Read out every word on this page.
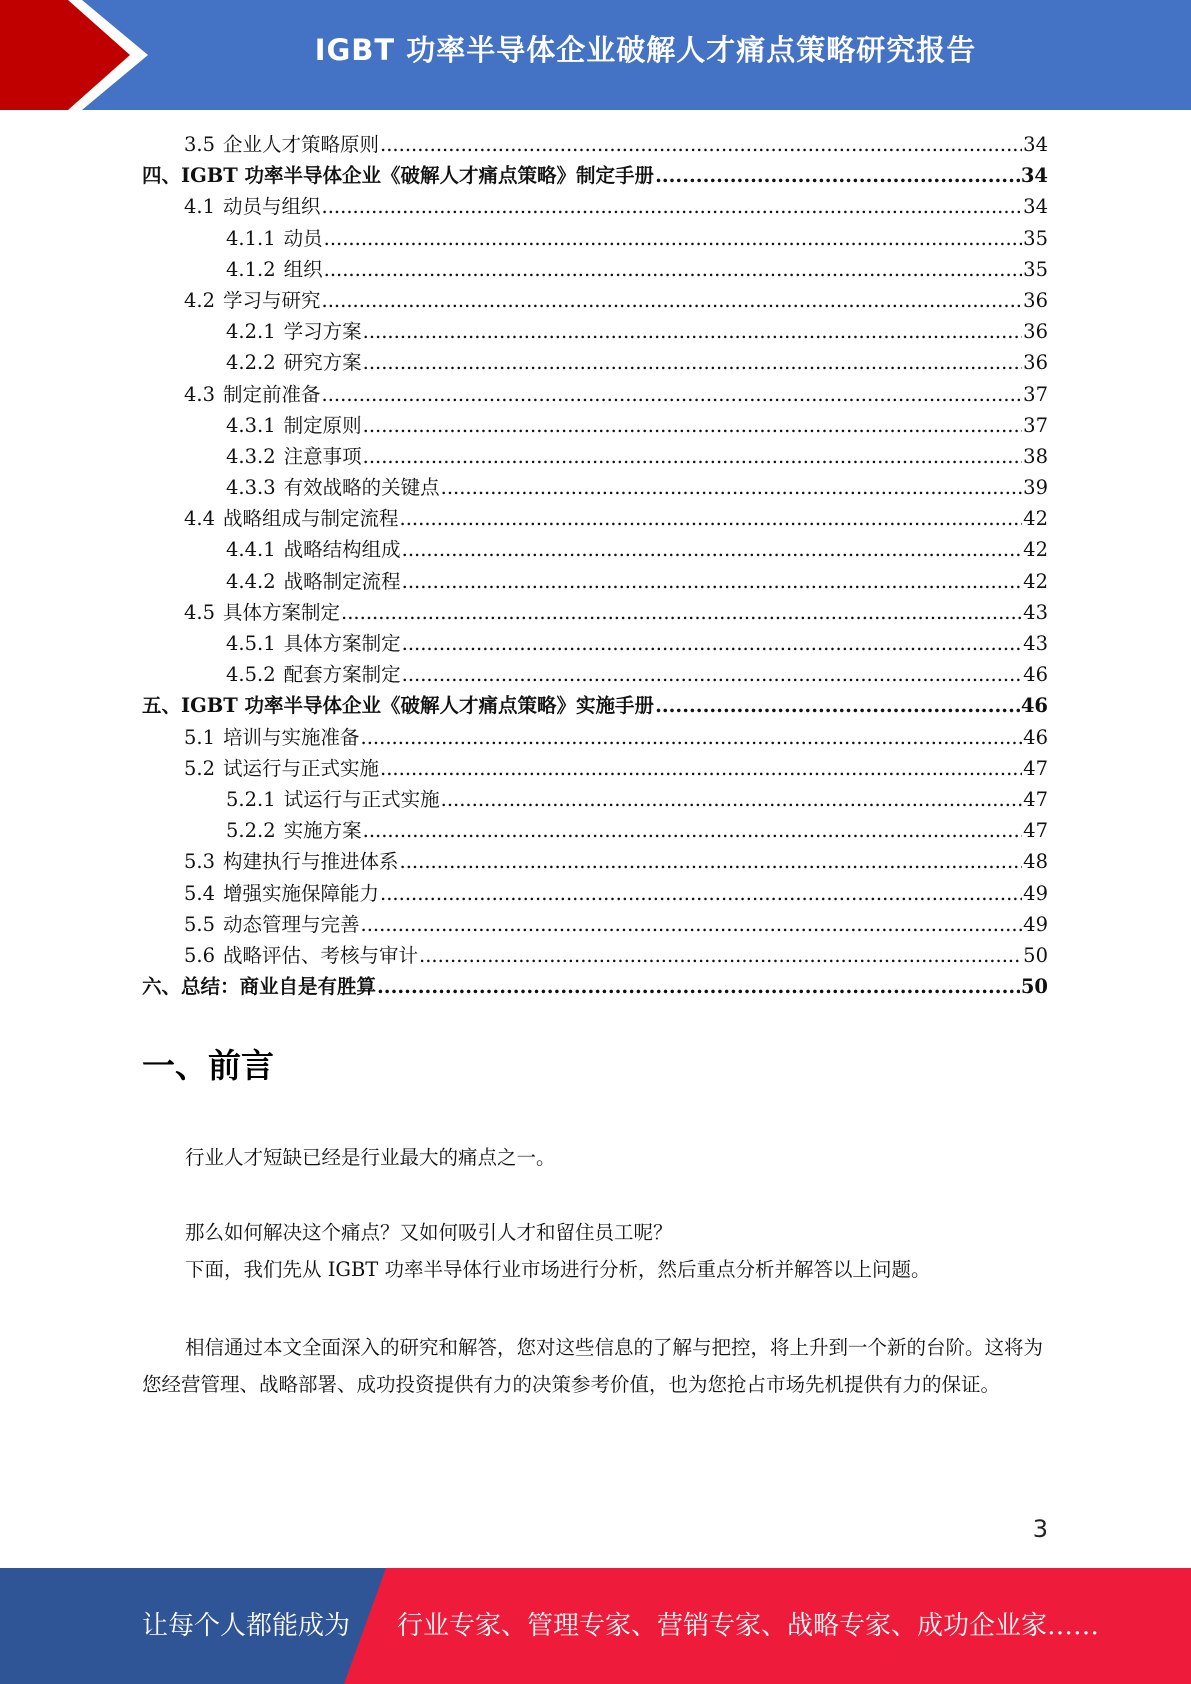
IGBT 功率半导体企业破解人才痛点策略研究报告
3.5 企业人才策略原则 .....	34
四、IGBT 功率半导体企业《破解人才痛点策略》制定手册 .....	34
4.1 动员与组织 .....	34
4.1.1 动员 .....	35
4.1.2 组织 .....	35
4.2 学习与研究 .....	36
4.2.1 学习方案 .....	36
4.2.2 研究方案 .....	36
4.3 制定前准备 .....	37
4.3.1 制定原则 .....	37
4.3.2 注意事项 .....	38
4.3.3 有效战略的关键点 .....	39
4.4 战略组成与制定流程 .....	42
4.4.1 战略结构组成 .....	42
4.4.2 战略制定流程 .....	42
4.5 具体方案制定 .....	43
4.5.1 具体方案制定 .....	43
4.5.2 配套方案制定 .....	46
五、IGBT 功率半导体企业《破解人才痛点策略》实施手册 .....	46
5.1 培训与实施准备 .....	46
5.2 试运行与正式实施 .....	47
5.2.1 试运行与正式实施 .....	47
5.2.2 实施方案 .....	47
5.3 构建执行与推进体系 .....	48
5.4 增强实施保障能力 .....	49
5.5 动态管理与完善 .....	49
5.6 战略评估、考核与审计 .....	50
六、总结：商业自是有胜算 .....	50
一、前言

行业人才短缺已经是行业最大的痛点之一。

那么如何解决这个痛点？又如何吸引人才和留住员工呢？

下面，我们先从 IGBT 功率半导体行业市场进行分析，然后重点分析并解答以上问题。

相信通过本文全面深入的研究和解答，您对这些信息的了解与把控，将上升到一个新的台阶。这将为您经营管理、战略部署、成功投资提供有力的决策参考价值，也为您抢占市场先机提供有力的保证。

3
让每个人都能成为 行业专家、管理专家、营销专家、战略专家、成功企业家……
